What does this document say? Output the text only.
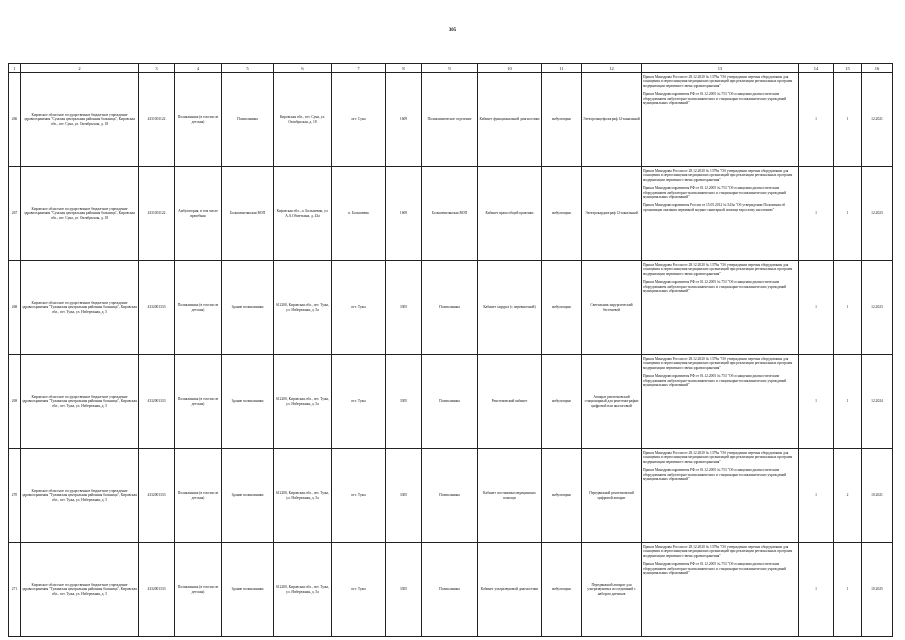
305
1	2	3	4	5	6	7	8	9	10	11	12	13	14	15	16
266	Кировское областное государственное бюджетное учреждение здравоохранения "Сунская центральная районная больница", Кировская обл., пгт. Суна, ул. Октябрьская, д. 18	4331001122	Поликлиника (в том числе детская)	Поликлиника	Кировская обл., пгт. Суна, ул. Октябрьская, д. 18	пгт. Суна	1609	Поликлиническое отделение	Кабинет функциональной диагностики	амбулаторно	Электроэнцефалограф 12-канальный	Приказ Минздрава России от 28.12.2020 № 1379н "Об утверждении перечня оборудования для оснащения и переоснащения медицинских организаций при реализации региональных программ модернизации первичного звена здравоохранения"
Приказ Минздравсоцразвития РФ от 01.12.2005 № 753 "Об оснащении диагностическим оборудованием амбулаторно-поликлинических и стационарно-поликлинических учреждений муниципальных образований"	1	1	12.2021
267	Кировское областное государственное бюджетное учреждение здравоохранения "Сунская центральная районная больница", Кировская обл., пгт. Суна, ул. Октябрьская, д. 18	4331001122	Амбулатория, в том числе врачебная	Большекитякская ВОП	Кировская обл., п. Большевик, ул. А.А.Обметкина, д. 43а	п. Большевик	1609	Большекитякская ВОП	Кабинет врача общей практики	амбулаторно	Электрокардиограф 12-канальный	Приказ Минздрава России от 28.12.2020 № 1379н "Об утверждении перечня оборудования для оснащения и переоснащения медицинских организаций при реализации региональных программ модернизации первичного звена здравоохранения"
Приказ Минздравсоцразвития РФ от 01.12.2005 № 753 "Об оснащении диагностическим оборудованием амбулаторно-поликлинических и стационарно-поликлинических учреждений муниципальных образований"
Приказ Минздравсоцразвития России от 15.05.2012 № 543н "Об утверждении Положения об организации оказания первичной медико-санитарной помощи взрослому населению"	1	1	12.2023
268	Кировское областное государственное бюджетное учреждение здравоохранения "Тужинская центральная районная больница", Кировская обл., пгт. Тужа, ул. Набережная, д. 5	4332001333	Поликлиника (в том числе детская)	Здание поликлиники	612200, Кировская обл., пгт. Тужа, ул. Набережная, д. 5а	пгт. Тужа	3305	Поликлиника	Кабинет хирурга (с перевязочной)	амбулаторно	Светильник хирургический бестеневой	Приказ Минздрава России от 28.12.2020 № 1379н "Об утверждении перечня оборудования для оснащения и переоснащения медицинских организаций при реализации региональных программ модернизации первичного звена здравоохранения"
Приказ Минздравсоцразвития РФ от 01.12.2005 № 753 "Об оснащении диагностическим оборудованием амбулаторно-поликлинических и стационарно-поликлинических учреждений муниципальных образований"	1	1	12.2023
269	Кировское областное государственное бюджетное учреждение здравоохранения "Тужинская центральная районная больница", Кировская обл., пгт. Тужа, ул. Набережная, д. 5	4332001333	Поликлиника (в том числе детская)	Здание поликлиники	612200, Кировская обл., пгт. Тужа, ул. Набережная, д. 5а	пгт. Тужа	3305	Поликлиника	Рентгеновский кабинет	амбулаторно	Аппарат рентгеновский стационарный для рентгенографии цифровой или аналоговый	Приказ Минздрава России от 28.12.2020 № 1379н "Об утверждении перечня оборудования для оснащения и переоснащения медицинских организаций при реализации региональных программ модернизации первичного звена здравоохранения"
Приказ Минздравсоцразвития РФ от 01.12.2005 № 753 "Об оснащении диагностическим оборудованием амбулаторно-поликлинических и стационарно-поликлинических учреждений муниципальных образований"	1	1	12.2024
270	Кировское областное государственное бюджетное учреждение здравоохранения "Тужинская центральная районная больница", Кировская обл., пгт. Тужа, ул. Набережная, д. 5	4332001333	Поликлиника (в том числе детская)	Здание поликлиники	612200, Кировская обл., пгт. Тужа, ул. Набережная, д. 5а	пгт. Тужа	3305	Поликлиника	Кабинет постановки медицинских помощи	амбулаторно	Передвижной рентгеновский цифровой аппарат	Приказ Минздрава России от 28.12.2020 № 1379н "Об утверждении перечня оборудования для оснащения и переоснащения медицинских организаций при реализации региональных программ модернизации первичного звена здравоохранения"
Приказ Минздравсоцразвития РФ от 01.12.2005 № 753 "Об оснащении диагностическим оборудованием амбулаторно-поликлинических и стационарно-поликлинических учреждений муниципальных образований"	1	2	10.2021
271	Кировское областное государственное бюджетное учреждение здравоохранения "Тужинская центральная районная больница", Кировская обл., пгт. Тужа, ул. Набережная, д. 5	4332001333	Поликлиника (в том числе детская)	Здание поликлиники	612200, Кировская обл., пгт. Тужа, ул. Набережная, д. 5а	пгт. Тужа	3305	Поликлиника	Кабинет ультразвуковой диагностики	амбулаторно	Передвижной аппарат для ультразвуковых исследований с набором датчиков	Приказ Минздрава России от 28.12.2020 № 1379н "Об утверждении перечня оборудования для оснащения и переоснащения медицинских организаций при реализации региональных программ модернизации первичного звена здравоохранения"
Приказ Минздравсоцразвития РФ от 01.12.2005 № 753 "Об оснащении диагностическим оборудованием амбулаторно-поликлинических и стационарно-поликлинических учреждений муниципальных образований"	1	1	10.2025
